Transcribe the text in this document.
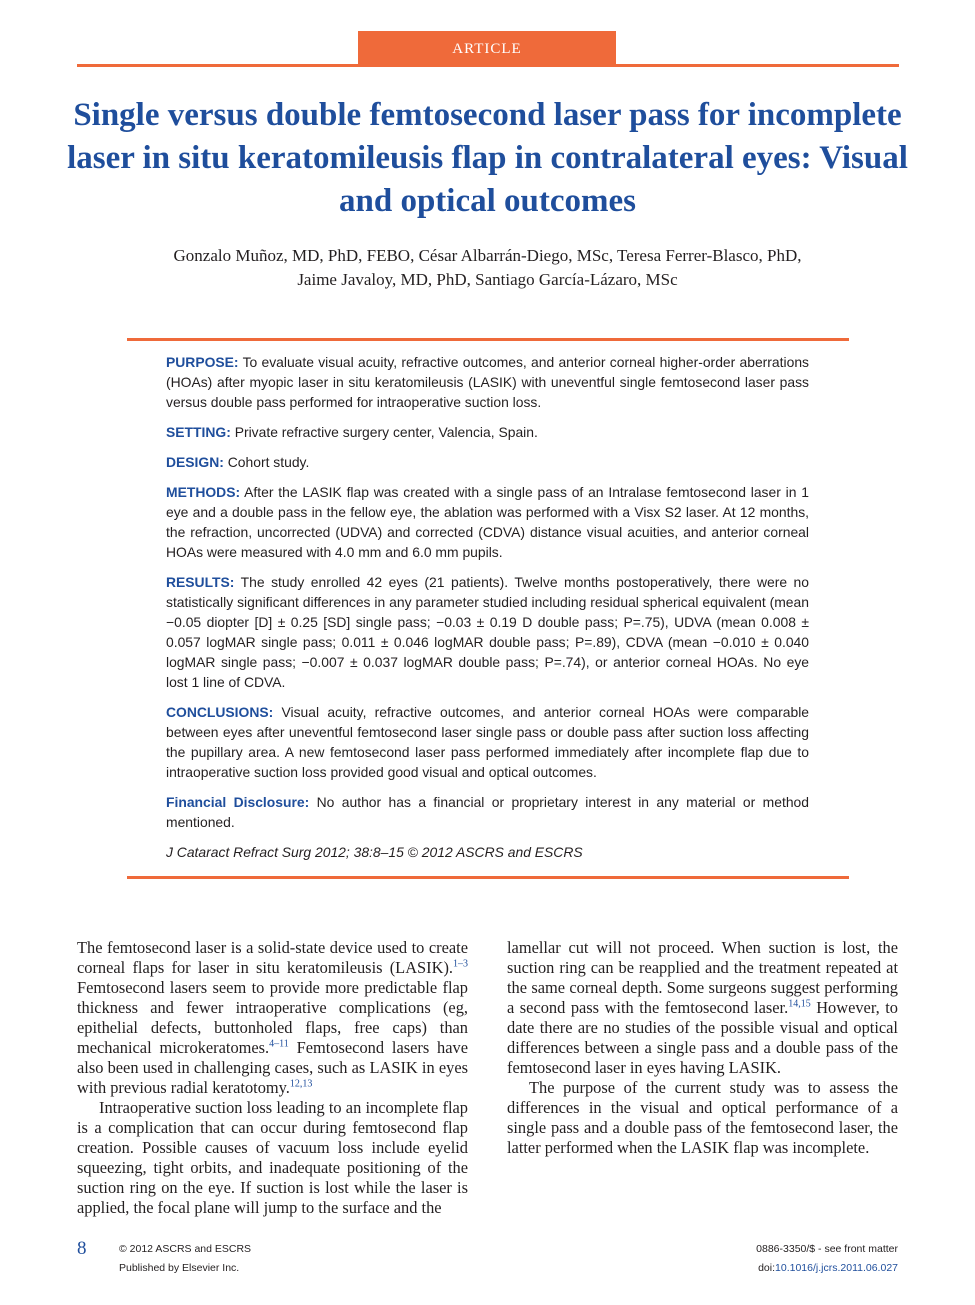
ARTICLE
Single versus double femtosecond laser pass for incomplete laser in situ keratomileusis flap in contralateral eyes: Visual and optical outcomes
Gonzalo Muñoz, MD, PhD, FEBO, César Albarrán-Diego, MSc, Teresa Ferrer-Blasco, PhD,
Jaime Javaloy, MD, PhD, Santiago García-Lázaro, MSc

PURPOSE: To evaluate visual acuity, refractive outcomes, and anterior corneal higher-order aberrations (HOAs) after myopic laser in situ keratomileusis (LASIK) with uneventful single femtosecond laser pass versus double pass performed for intraoperative suction loss.

SETTING: Private refractive surgery center, Valencia, Spain.

DESIGN: Cohort study.

METHODS: After the LASIK flap was created with a single pass of an Intralase femtosecond laser in 1 eye and a double pass in the fellow eye, the ablation was performed with a Visx S2 laser. At 12 months, the refraction, uncorrected (UDVA) and corrected (CDVA) distance visual acuities, and anterior corneal HOAs were measured with 4.0 mm and 6.0 mm pupils.

RESULTS: The study enrolled 42 eyes (21 patients). Twelve months postoperatively, there were no statistically significant differences in any parameter studied including residual spherical equivalent (mean −0.05 diopter [D] ± 0.25 [SD] single pass; −0.03 ± 0.19 D double pass; P=.75), UDVA (mean 0.008 ± 0.057 logMAR single pass; 0.011 ± 0.046 logMAR double pass; P=.89), CDVA (mean −0.010 ± 0.040 logMAR single pass; −0.007 ± 0.037 logMAR double pass; P=.74), or anterior corneal HOAs. No eye lost 1 line of CDVA.

CONCLUSIONS: Visual acuity, refractive outcomes, and anterior corneal HOAs were comparable between eyes after uneventful femtosecond laser single pass or double pass after suction loss affecting the pupillary area. A new femtosecond laser pass performed immediately after incomplete flap due to intraoperative suction loss provided good visual and optical outcomes.

Financial Disclosure: No author has a financial or proprietary interest in any material or method mentioned.

J Cataract Refract Surg 2012; 38:8–15 © 2012 ASCRS and ESCRS

The femtosecond laser is a solid-state device used to create corneal flaps for laser in situ keratomileusis (LASIK).$^{1-3}$ Femtosecond lasers seem to provide more predictable flap thickness and fewer intraoperative complications (eg, epithelial defects, buttonholed flaps, free caps) than mechanical microkeratomes.$^{4-11}$ Femtosecond lasers have also been used in challenging cases, such as LASIK in eyes with previous radial keratotomy.$^{12,13}$

Intraoperative suction loss leading to an incomplete flap is a complication that can occur during femtosecond flap creation. Possible causes of vacuum loss include eyelid squeezing, tight orbits, and inadequate positioning of the suction ring on the eye. If suction is lost while the laser is applied, the focal plane will jump to the surface and the

lamellar cut will not proceed. When suction is lost, the suction ring can be reapplied and the treatment repeated at the same corneal depth. Some surgeons suggest performing a second pass with the femtosecond laser.$^{14,15}$ However, to date there are no studies of the possible visual and optical differences between a single pass and a double pass of the femtosecond laser in eyes having LASIK.

The purpose of the current study was to assess the differences in the visual and optical performance of a single pass and a double pass of the femtosecond laser, the latter performed when the LASIK flap was incomplete.

8	© 2012 ASCRS and ESCRS
Published by Elsevier Inc.
0886-3350/$ - see front matter
doi:10.1016/j.jcrs.2011.06.027
